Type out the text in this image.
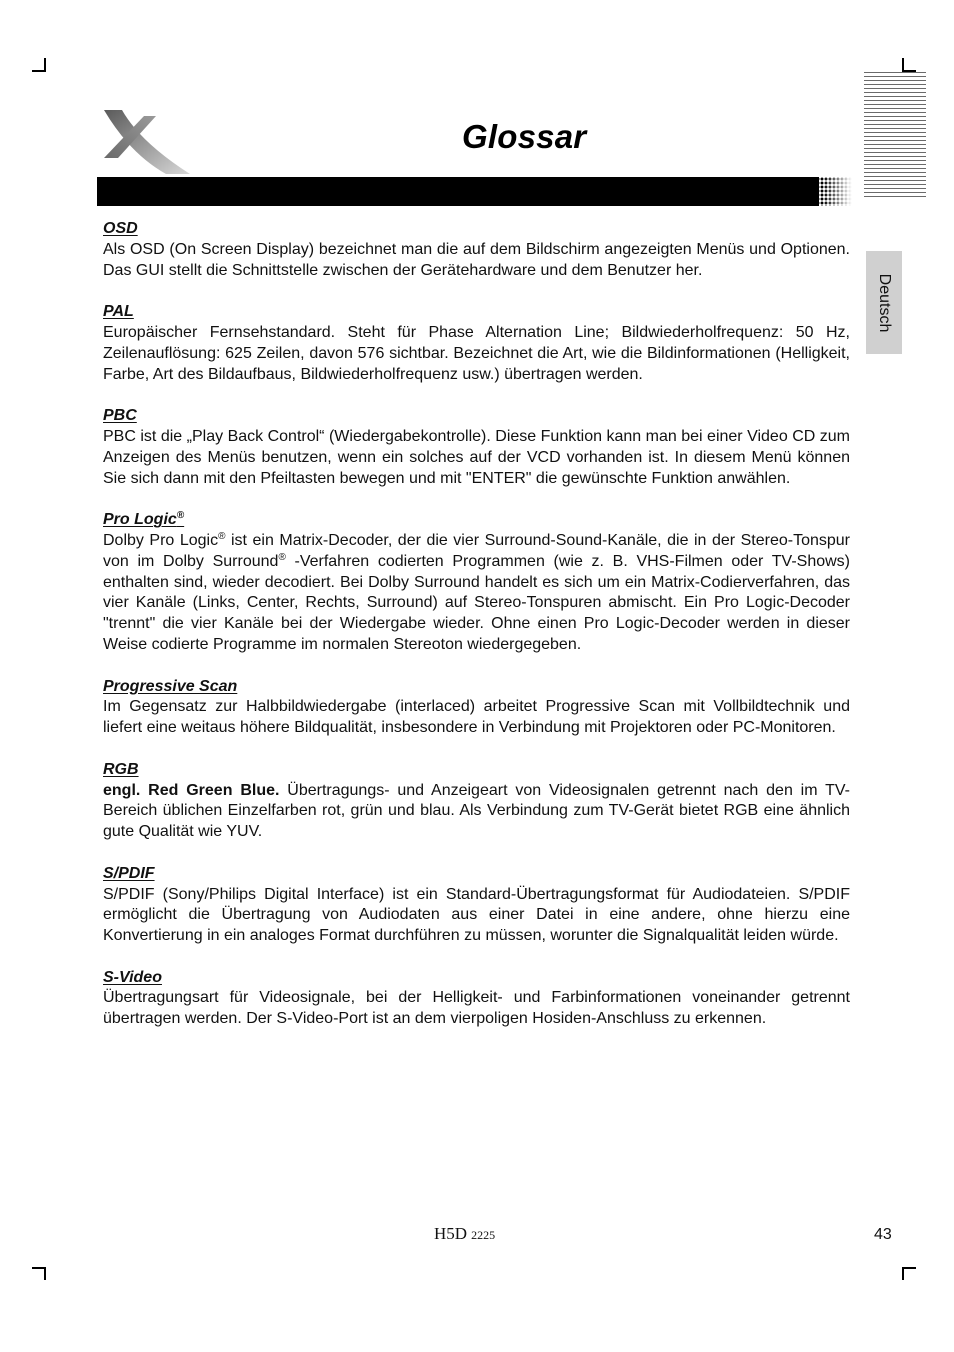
Glossar
Deutsch
OSD

Als OSD (On Screen Display) bezeichnet man die auf dem Bildschirm angezeigten Menüs und Optionen. Das GUI stellt die Schnittstelle zwischen der Gerätehardware und dem Benutzer her.

PAL

Europäischer Fernsehstandard. Steht für Phase Alternation Line; Bildwiederholfrequenz: 50 Hz, Zeilenauflösung: 625 Zeilen, davon 576 sichtbar. Bezeichnet die Art, wie die Bildinformationen (Helligkeit, Farbe, Art des Bildaufbaus, Bildwiederholfrequenz usw.) übertragen werden.

PBC

PBC ist die „Play Back Control“ (Wiedergabekontrolle). Diese Funktion kann man bei einer Video CD zum Anzeigen des Menüs benutzen, wenn ein solches auf der VCD vorhanden ist. In diesem Menü können Sie sich dann mit den Pfeiltasten bewegen und mit "ENTER" die gewünschte Funktion anwählen.

Pro Logic®

Dolby Pro Logic® ist ein Matrix-Decoder, der die vier Surround-Sound-Kanäle, die in der Stereo-Tonspur von im Dolby Surround® -Verfahren codierten Programmen (wie z. B. VHS-Filmen oder TV-Shows) enthalten sind, wieder decodiert. Bei Dolby Surround handelt es sich um ein Matrix-Codierverfahren, das vier Kanäle (Links, Center, Rechts, Surround) auf Stereo-Tonspuren abmischt. Ein Pro Logic-Decoder "trennt" die vier Kanäle bei der Wiedergabe wieder. Ohne einen Pro Logic-Decoder werden in dieser Weise codierte Programme im normalen Stereoton wiedergegeben.

Progressive Scan

Im Gegensatz zur Halbbildwiedergabe (interlaced) arbeitet Progressive Scan mit Vollbildtechnik und liefert eine weitaus höhere Bildqualität, insbesondere in Verbindung mit Projektoren oder PC-Monitoren.

RGB

engl. Red Green Blue. Übertragungs- und Anzeigeart von Videosignalen getrennt nach den im TV-Bereich üblichen Einzelfarben rot, grün und blau. Als Verbindung zum TV-Gerät bietet RGB eine ähnlich gute Qualität wie YUV.

S/PDIF

S/PDIF (Sony/Philips Digital Interface) ist ein Standard-Übertragungsformat für Audiodateien. S/PDIF ermöglicht die Übertragung von Audiodaten aus einer Datei in eine andere, ohne hierzu eine Konvertierung in ein analoges Format durchführen zu müssen, worunter die Signalqualität leiden würde.

S-Video

Übertragungsart für Videosignale, bei der Helligkeit- und Farbinformationen voneinander getrennt übertragen werden. Der S-Video-Port ist an dem vierpoligen Hosiden-Anschluss zu erkennen.

H5D 2225	43
